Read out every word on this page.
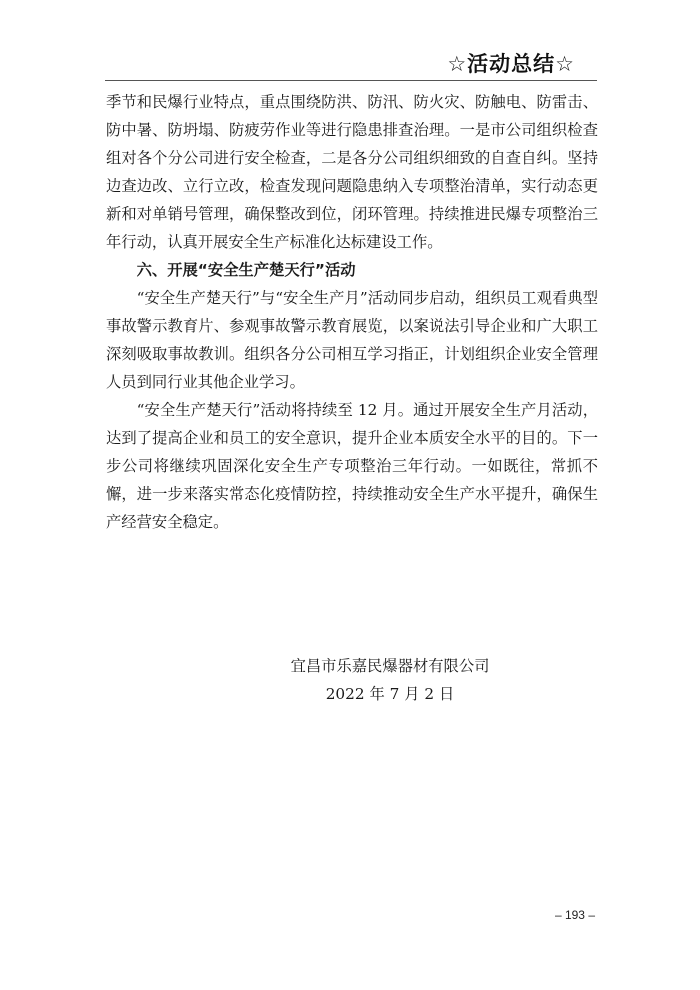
☆活动总结☆

季节和民爆行业特点，重点围绕防洪、防汛、防火灾、防触电、防雷击、防中暑、防坍塌、防疲劳作业等进行隐患排查治理。一是市公司组织检查组对各个分公司进行安全检查，二是各分公司组织细致的自查自纠。坚持边查边改、立行立改，检查发现问题隐患纳入专项整治清单，实行动态更新和对单销号管理，确保整改到位，闭环管理。持续推进民爆专项整治三年行动，认真开展安全生产标准化达标建设工作。

六、开展“安全生产楚天行”活动

“安全生产楚天行”与“安全生产月”活动同步启动，组织员工观看典型事故警示教育片、参观事故警示教育展览，以案说法引导企业和广大职工深刻吸取事故教训。组织各分公司相互学习指正，计划组织企业安全管理人员到同行业其他企业学习。

“安全生产楚天行”活动将持续至 12 月。通过开展安全生产月活动，达到了提高企业和员工的安全意识，提升企业本质安全水平的目的。下一步公司将继续巩固深化安全生产专项整治三年行动。一如既往，常抓不懈，进一步来落实常态化疫情防控，持续推动安全生产水平提升，确保生产经营安全稳定。

宜昌市乐嘉民爆器材有限公司
2022 年 7 月 2 日
– 193 –
